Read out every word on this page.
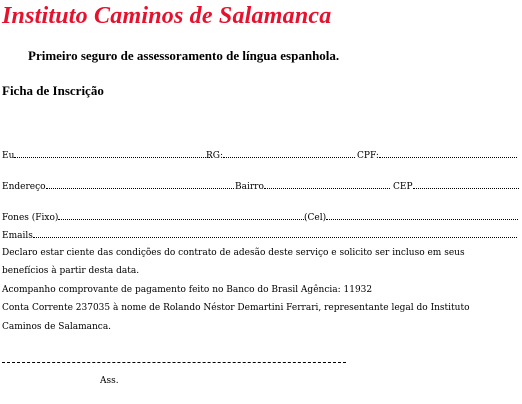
Instituto Caminos de Salamanca
Primeiro seguro de assessoramento de língua espanhola.
Ficha de Inscrição
Eu	RG:	CPF:
Endereço	Bairro	CEP
Fones (Fixo)	(Cel)
Emails
Declaro estar ciente das condições do contrato de adesão deste serviço e solicito ser incluso em seus
benefícios à partir desta data.
Acompanho comprovante de pagamento feito no Banco do Brasil Agência: 11932
Conta Corrente 237035 à nome de Rolando Néstor Demartini Ferrari, representante legal do Instituto
Caminos de Salamanca.
Ass.
